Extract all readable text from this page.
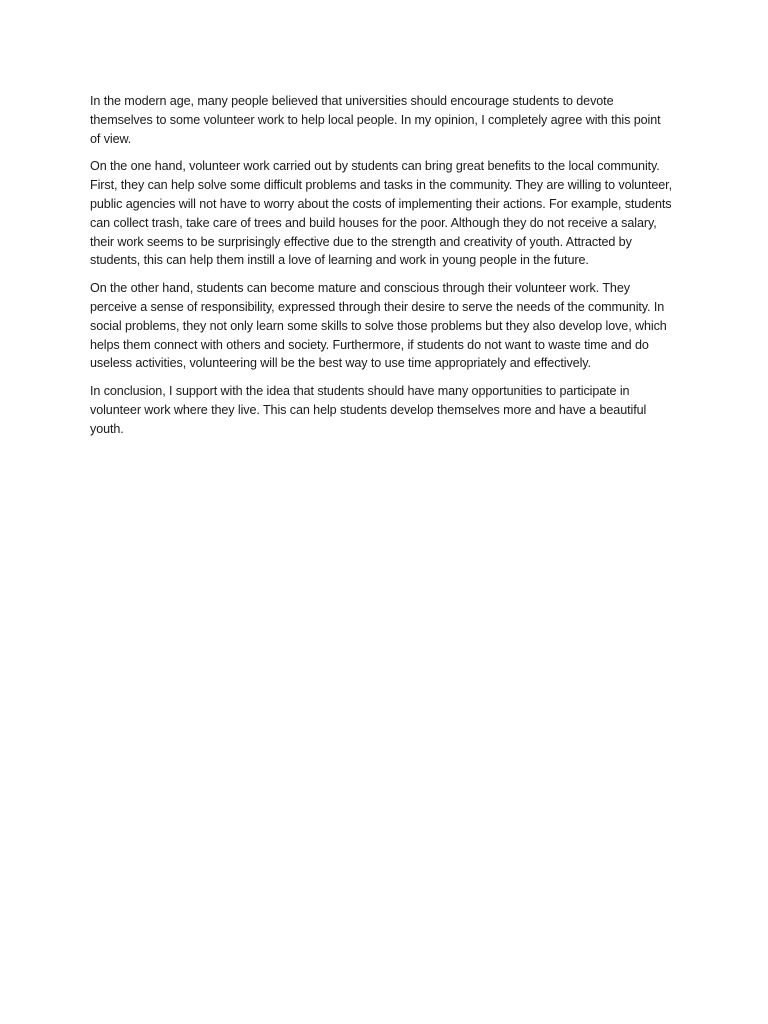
In the modern age, many people believed that universities should encourage students to devote themselves to some volunteer work to help local people. In my opinion, I completely agree with this point of view.

On the one hand, volunteer work carried out by students can bring great benefits to the local community. First, they can help solve some difficult problems and tasks in the community. They are willing to volunteer, public agencies will not have to worry about the costs of implementing their actions. For example, students can collect trash, take care of trees and build houses for the poor. Although they do not receive a salary, their work seems to be surprisingly effective due to the strength and creativity of youth. Attracted by students, this can help them instill a love of learning and work in young people in the future.

On the other hand, students can become mature and conscious through their volunteer work. They perceive a sense of responsibility, expressed through their desire to serve the needs of the community. In social problems, they not only learn some skills to solve those problems but they also develop love, which helps them connect with others and society. Furthermore, if students do not want to waste time and do useless activities, volunteering will be the best way to use time appropriately and effectively.

In conclusion, I support with the idea that students should have many opportunities to participate in volunteer work where they live. This can help students develop themselves more and have a beautiful youth.
